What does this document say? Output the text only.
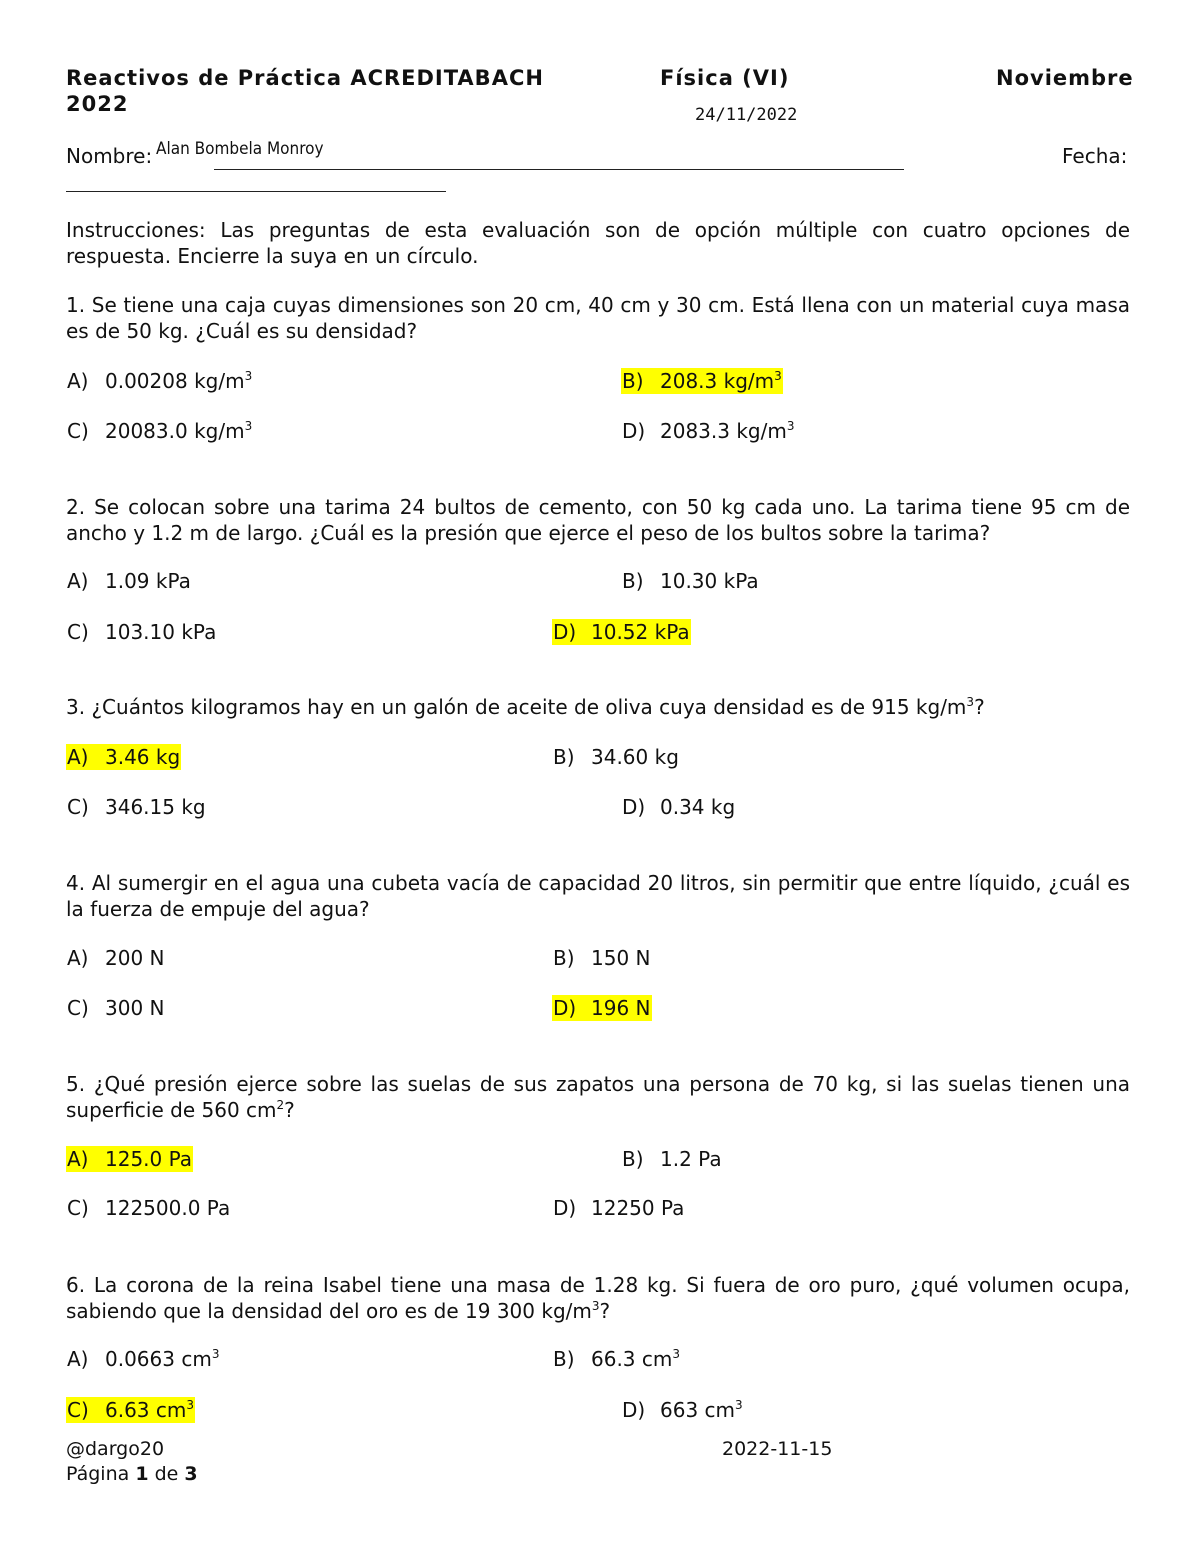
Reactivos de Práctica ACREDITABACH	Física (VI)	Noviembre
2022	24/11/2022
Nombre: Alan Bombela Monroy	Fecha:
Instrucciones: Las preguntas de esta evaluación son de opción múltiple con cuatro opciones de respuesta. Encierre la suya en un círculo.
1. Se tiene una caja cuyas dimensiones son 20 cm, 40 cm y 30 cm. Está llena con un material cuya masa es de 50 kg. ¿Cuál es su densidad?
A) 0.00208 $kg/m^3$	B) 208.3 $kg/m^3$
C) 20083.0 $kg/m^3$	D) 2083.3 $kg/m^3$
2. Se colocan sobre una tarima 24 bultos de cemento, con 50 kg cada uno. La tarima tiene 95 cm de ancho y 1.2 m de largo. ¿Cuál es la presión que ejerce el peso de los bultos sobre la tarima?
A) 1.09 kPa	B) 10.30 kPa
C) 103.10 kPa	D) 10.52 kPa
3. ¿Cuántos kilogramos hay en un galón de aceite de oliva cuya densidad es de 915 $kg/m^3$?
A) 3.46 kg	B) 34.60 kg
C) 346.15 kg	D) 0.34 kg
4. Al sumergir en el agua una cubeta vacía de capacidad 20 litros, sin permitir que entre líquido, ¿cuál es la fuerza de empuje del agua?
A) 200 N	B) 150 N
C) 300 N	D) 196 N
5. ¿Qué presión ejerce sobre las suelas de sus zapatos una persona de 70 kg, si las suelas tienen una superficie de 560 $cm^2$?
A) 125.0 Pa	B) 1.2 Pa
C) 122500.0 Pa	D) 12250 Pa
6. La corona de la reina Isabel tiene una masa de 1.28 kg. Si fuera de oro puro, ¿qué volumen ocupa, sabiendo que la densidad del oro es de 19 300 $kg/m^3$?
A) 0.0663 $cm^3$	B) 66.3 $cm^3$
C) 6.63 $cm^3$	D) 663 $cm^3$
@dargo20	2022-11-15
Página 1 de 3
